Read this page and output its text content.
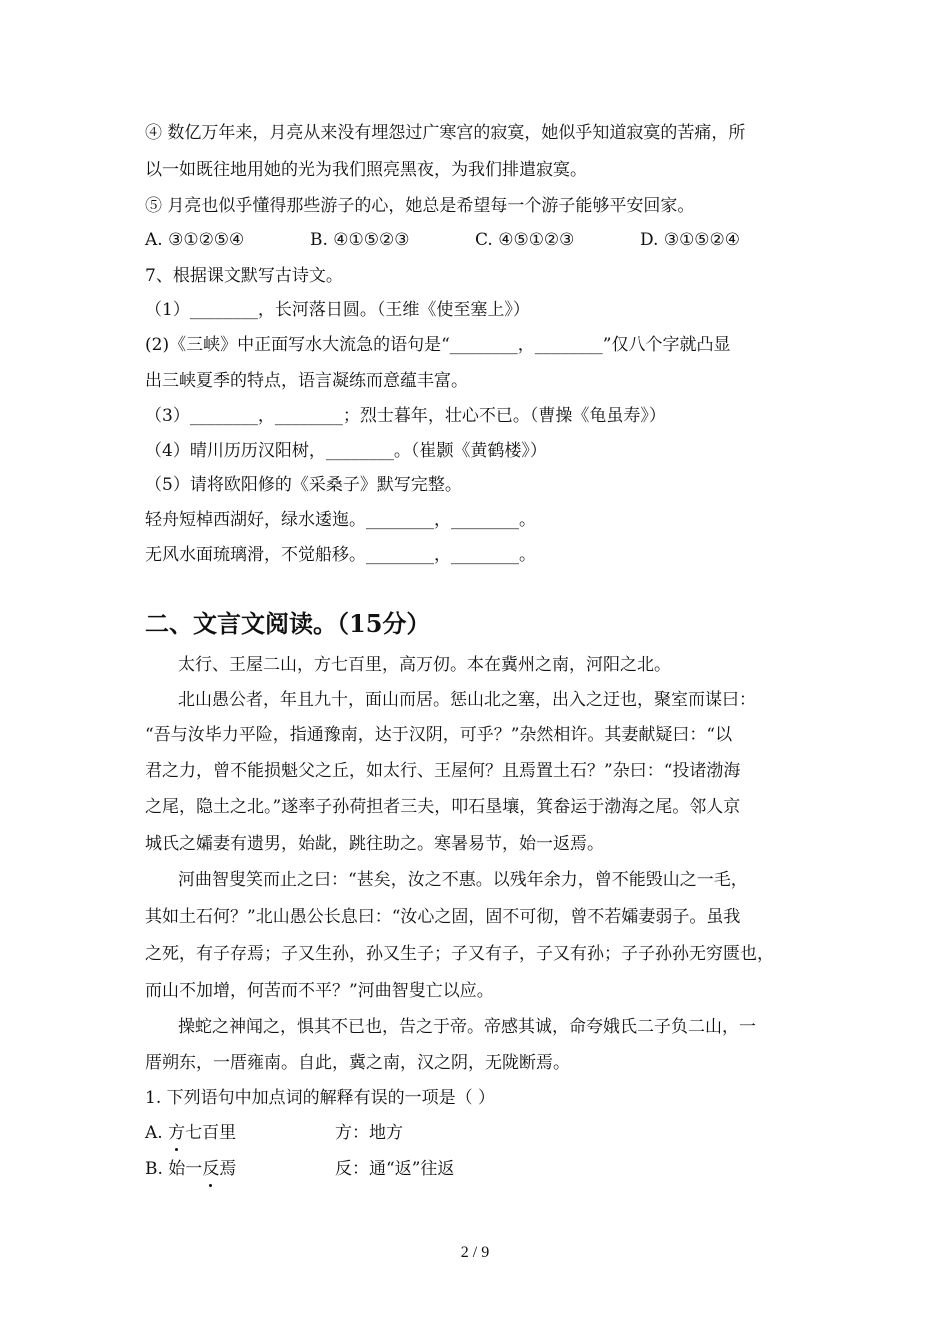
④ 数亿万年来，月亮从来没有埋怨过广寒宫的寂寞，她似乎知道寂寞的苦痛，所
以一如既往地用她的光为我们照亮黑夜，为我们排遣寂寞。
⑤ 月亮也似乎懂得那些游子的心，她总是希望每一个游子能够平安回家。
A. ③①②⑤④	B. ④①⑤②③	C. ④⑤①②③	D. ③①⑤②④
7、根据课文默写古诗文。
（1）________，长河落日圆。（王维《使至塞上》）
(2)《三峡》中正面写水大流急的语句是“________，________”仅八个字就凸显
出三峡夏季的特点，语言凝练而意蕴丰富。
（3）________，________；烈士暮年，壮心不已。（曹操《龟虽寿》）
（4）晴川历历汉阳树，________。（崔颢《黄鹤楼》）
（5）请将欧阳修的《采桑子》默写完整。
轻舟短棹西湖好，绿水逶迤。________，________。
无风水面琉璃滑，不觉船移。________，________。
二、文言文阅读。（15分）
太行、王屋二山，方七百里，高万仞。本在冀州之南，河阳之北。
北山愚公者，年且九十，面山而居。惩山北之塞，出入之迂也，聚室而谋曰：
“吾与汝毕力平险，指通豫南，达于汉阴，可乎？”杂然相许。其妻献疑曰：“以
君之力，曾不能损魁父之丘，如太行、王屋何？且焉置土石？”杂曰：“投诸渤海
之尾，隐土之北。”遂率子孙荷担者三夫，叩石垦壤，箕畚运于渤海之尾。邻人京
城氏之孀妻有遗男，始龀，跳往助之。寒暑易节，始一返焉。
河曲智叟笑而止之曰：“甚矣，汝之不惠。以残年余力，曾不能毁山之一毛，
其如土石何？”北山愚公长息曰：“汝心之固，固不可彻，曾不若孀妻弱子。虽我
之死，有子存焉；子又生孙，孙又生子；子又有子，子又有孙；子子孙孙无穷匮也，
而山不加增，何苦而不平？”河曲智叟亡以应。
操蛇之神闻之，惧其不已也，告之于帝。帝感其诚，命夸娥氏二子负二山，一
厝朔东，一厝雍南。自此，冀之南，汉之阴，无陇断焉。
1. 下列语句中加点词的解释有误的一项是（ ）
A. 方七百里	方：地方
B. 始一反焉	反：通“返”往返
2 / 9
